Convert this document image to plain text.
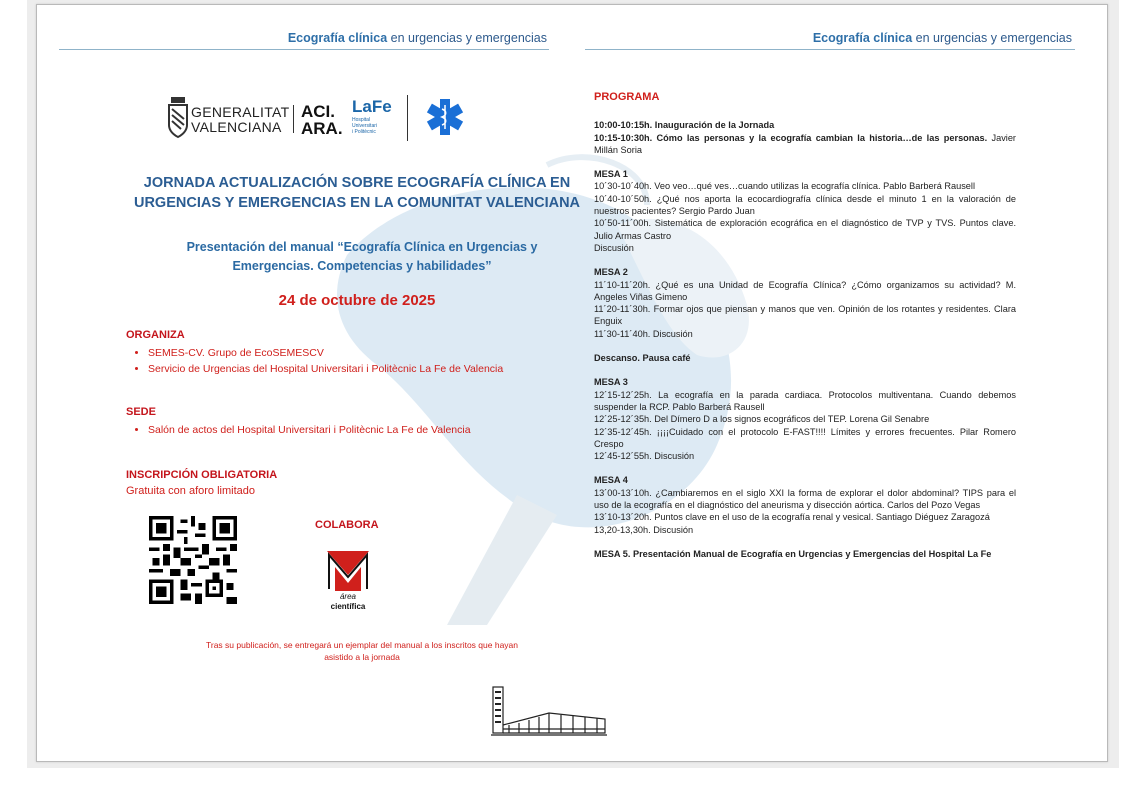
Ecografía clínica en urgencias y emergencias	Ecografía clínica en urgencias y emergencias
GENERALITAT
VALENCIANA
ACI.
ARA.
LaFe
Hospital
Universitari
i Politècnic
JORNADA ACTUALIZACIÓN SOBRE ECOGRAFÍA CLÍNICA EN
URGENCIAS Y EMERGENCIAS EN LA COMUNITAT VALENCIANA
Presentación del manual “Ecografía Clínica en Urgencias y
Emergencias. Competencias y habilidades”
24 de octubre de 2025
ORGANIZA
• SEMES-CV. Grupo de EcoSEMESCV
• Servicio de Urgencias del Hospital Universitari i Politècnic La Fe de Valencia
SEDE
• Salón de actos del Hospital Universitari i Politècnic La Fe de Valencia
INSCRIPCIÓN OBLIGATORIA
Gratuita con aforo limitado
COLABORA
área
científica
M
Tras su publicación, se entregará un ejemplar del manual a los inscritos que hayan
asistido a la jornada
PROGRAMA
10:00-10:15h. Inauguración de la Jornada
10:15-10:30h. Cómo las personas y la ecografía cambian la historia…de las personas. Javier Millán Soria
MESA 1
10´30-10´40h. Veo veo…qué ves…cuando utilizas la ecografía clínica. Pablo Barberá Rausell
10´40-10´50h. ¿Qué nos aporta la ecocardiografía clínica desde el minuto 1 en la valoración de nuestros pacientes? Sergio Pardo Juan
10´50-11´00h. Sistemática de exploración ecográfica en el diagnóstico de TVP y TVS. Puntos clave. Julio Armas Castro
Discusión
MESA 2
11´10-11´20h. ¿Qué es una Unidad de Ecografía Clínica? ¿Cómo organizamos su actividad? M. Angeles Viñas Gimeno
11´20-11´30h. Formar ojos que piensan y manos que ven. Opinión de los rotantes y residentes. Clara Enguix
11´30-11´40h. Discusión
Descanso. Pausa café
MESA 3
12´15-12´25h. La ecografía en la parada cardiaca. Protocolos multiventana. Cuando debemos suspender la RCP. Pablo Barberá Rausell
12´25-12´35h. Del Dímero D a los signos ecográficos del TEP. Lorena Gil Senabre
12´35-12´45h. ¡¡¡¡Cuidado con el protocolo E-FAST!!!! Límites y errores frecuentes. Pilar Romero Crespo
12´45-12´55h. Discusión
MESA 4
13´00-13´10h. ¿Cambiaremos en el siglo XXI la forma de explorar el dolor abdominal? TIPS para el uso de la ecografía en el diagnóstico del aneurisma y disección aórtica. Carlos del Pozo Vegas
13´10-13´20h. Puntos clave en el uso de la ecografía renal y vesical. Santiago Diéguez Zaragozá
13,20-13,30h. Discusión
MESA 5. Presentación Manual de Ecografía en Urgencias y Emergencias del Hospital La Fe
